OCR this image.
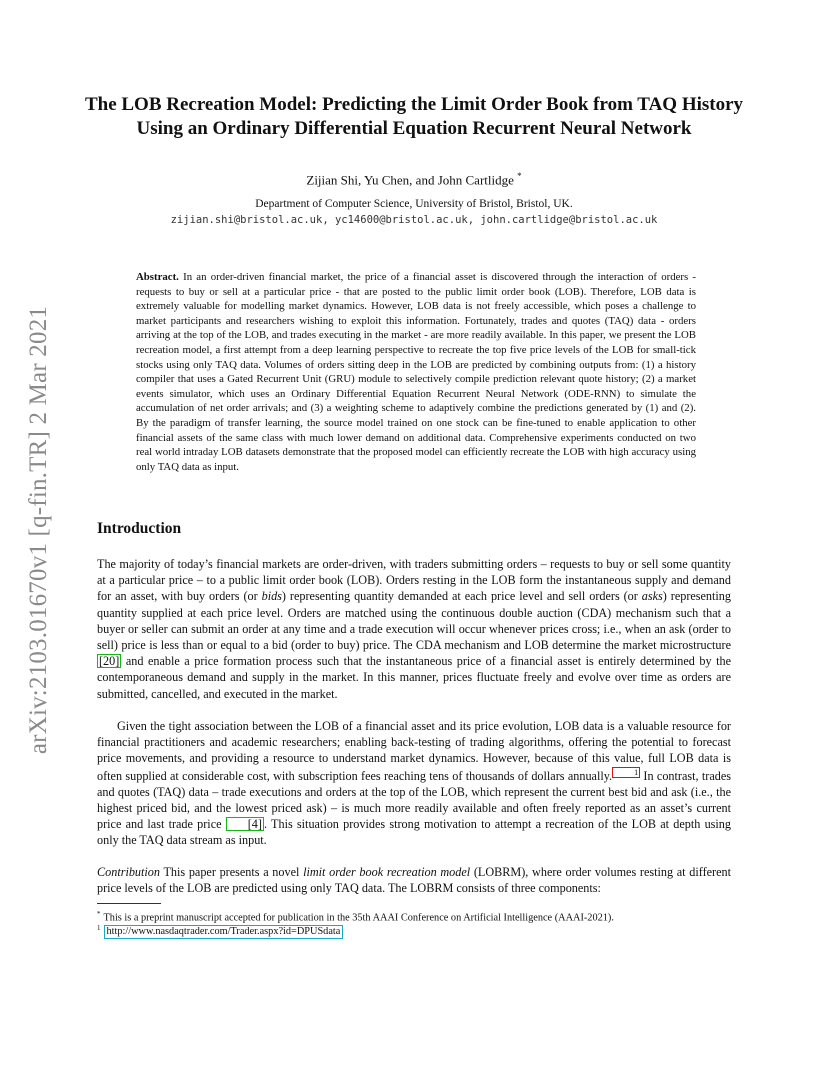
arXiv:2103.01670v1 [q-fin.TR] 2 Mar 2021
The LOB Recreation Model: Predicting the Limit Order Book from TAQ History Using an Ordinary Differential Equation Recurrent Neural Network
Zijian Shi, Yu Chen, and John Cartlidge *
Department of Computer Science, University of Bristol, Bristol, UK.
zijian.shi@bristol.ac.uk, yc14600@bristol.ac.uk, john.cartlidge@bristol.ac.uk

Abstract. In an order-driven financial market, the price of a financial asset is discovered through the interaction of orders - requests to buy or sell at a particular price - that are posted to the public limit order book (LOB). Therefore, LOB data is extremely valuable for modelling market dynamics. However, LOB data is not freely accessible, which poses a challenge to market participants and researchers wishing to exploit this information. Fortunately, trades and quotes (TAQ) data - orders arriving at the top of the LOB, and trades executing in the market - are more readily available. In this paper, we present the LOB recreation model, a first attempt from a deep learning perspective to recreate the top five price levels of the LOB for small-tick stocks using only TAQ data. Volumes of orders sitting deep in the LOB are predicted by combining outputs from: (1) a history compiler that uses a Gated Recurrent Unit (GRU) module to selectively compile prediction relevant quote history; (2) a market events simulator, which uses an Ordinary Differential Equation Recurrent Neural Network (ODE-RNN) to simulate the accumulation of net order arrivals; and (3) a weighting scheme to adaptively combine the predictions generated by (1) and (2). By the paradigm of transfer learning, the source model trained on one stock can be fine-tuned to enable application to other financial assets of the same class with much lower demand on additional data. Comprehensive experiments conducted on two real world intraday LOB datasets demonstrate that the proposed model can efficiently recreate the LOB with high accuracy using only TAQ data as input.

Introduction

The majority of today’s financial markets are order-driven, with traders submitting orders – requests to buy or sell some quantity at a particular price – to a public limit order book (LOB). Orders resting in the LOB form the instantaneous supply and demand for an asset, with buy orders (or bids) representing quantity demanded at each price level and sell orders (or asks) representing quantity supplied at each price level. Orders are matched using the continuous double auction (CDA) mechanism such that a buyer or seller can submit an order at any time and a trade execution will occur whenever prices cross; i.e., when an ask (order to sell) price is less than or equal to a bid (order to buy) price. The CDA mechanism and LOB determine the market microstructure [20] and enable a price formation process such that the instantaneous price of a financial asset is entirely determined by the contemporaneous demand and supply in the market. In this manner, prices fluctuate freely and evolve over time as orders are submitted, cancelled, and executed in the market.

Given the tight association between the LOB of a financial asset and its price evolution, LOB data is a valuable resource for financial practitioners and academic researchers; enabling back-testing of trading algorithms, offering the potential to forecast price movements, and providing a resource to understand market dynamics. However, because of this value, full LOB data is often supplied at considerable cost, with subscription fees reaching tens of thousands of dollars annually.	1 In contrast, trades and quotes (TAQ) data – trade executions and orders at the top of the LOB, which represent the current best bid and ask (i.e., the highest priced bid, and the lowest priced ask) – is much more readily available and often freely reported as an asset’s current price and last trade price [4] . This situation provides strong motivation to attempt a recreation of the LOB at depth using only the TAQ data stream as input.

Contribution This paper presents a novel limit order book recreation model (LOBRM), where order volumes resting at different price levels of the LOB are predicted using only TAQ data. The LOBRM consists of three components:

* This is a preprint manuscript accepted for publication in the 35th AAAI Conference on Artificial Intelligence (AAAI-2021).

$^1$ http://www.nasdaqtrader.com/Trader.aspx?id=DPUSdata
